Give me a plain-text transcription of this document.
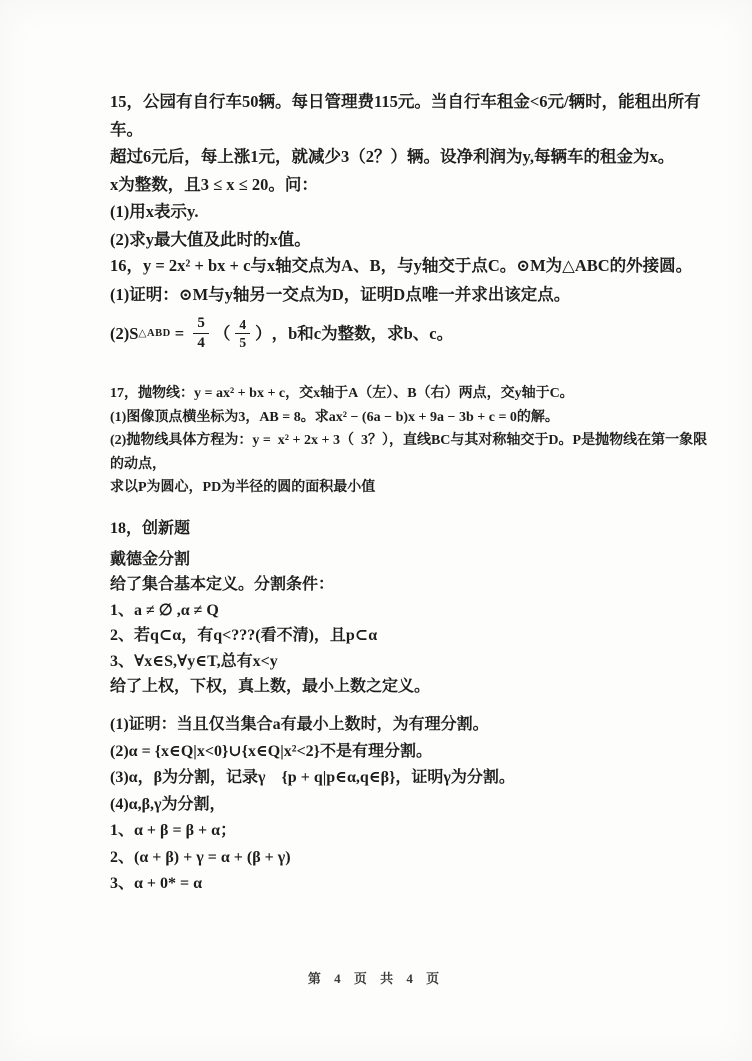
15，公园有自行车50辆。每日管理费115元。当自行车租金<6元/辆时，能租出所有车。
超过6元后，每上涨1元，就减少3（2？）辆。设净利润为y,每辆车的租金为x。
x为整数，且3 ≤ x ≤ 20。问：
(1)用x表示y.
(2)求y最大值及此时的x值。
16，y = 2x² + bx + c与x轴交点为A、B，与y轴交于点C。⊙M为△ABC的外接圆。
(1)证明：⊙M与y轴另一交点为D，证明D点唯一并求出该定点。
(2)S △ABD = $\frac{5}{4}$ （ $\frac{4}{5}$ ） ，b和c为整数，求b、c。
17，抛物线：y = ax² + bx + c，交x轴于A（左）、B（右）两点，交y轴于C。
(1)图像顶点横坐标为3，AB = 8。求ax² − (6a − b)x + 9a − 3b + c = 0的解。
(2)抛物线具体方程为：y =  x² + 2x + 3（  3？），直线BC与其对称轴交于D。P是抛物线在第一象限的动点，
求以P为圆心，PD为半径的圆的面积最小值
18，创新题
戴德金分割
给了集合基本定义。分割条件：
1、a ≠ ∅ ,α ≠ Q
2、若q⊂α，有q<???(看不清)，且p⊂α
3、∀x∈S,∀y∈T,总有x<y
给了上权，下权，真上数，最小上数之定义。
(1)证明：当且仅当集合a有最小上数时，为有理分割。
(2)α = {x∈Q|x<0}∪{x∈Q|x²<2}不是有理分割。
(3)α，β为分割，记录γ　{p + q|p∈α,q∈β}，证明γ为分割。
(4)α,β,γ为分割，
1、α + β = β + α；
2、(α + β) + γ = α + (β + γ)
3、α + 0* = α
第 4 页 共 4 页
